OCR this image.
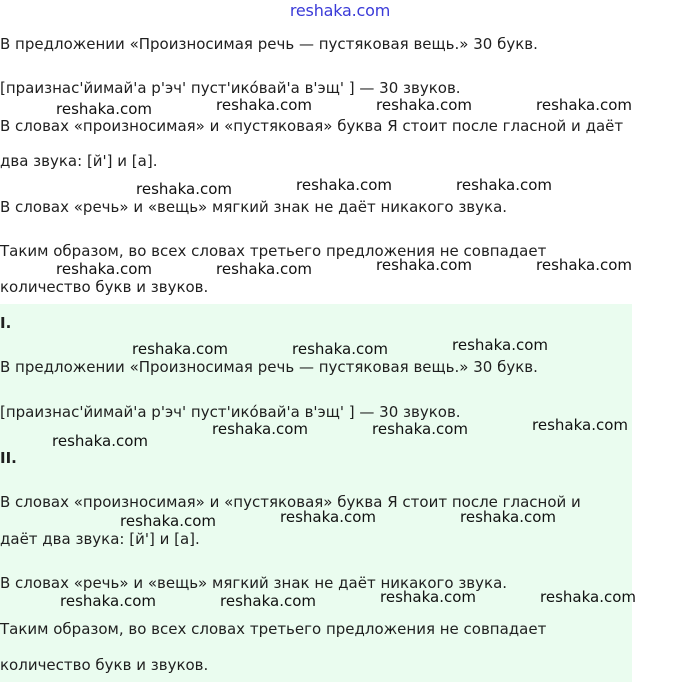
reshaka.com
В предложении «Произносимая речь — пустяковая вещь.» 30 букв.
[праизнас'йимай'а р'эч' пуст'ико́вай'а в'эщ' ] — 30 звуков.
В словах «произносимая» и «пустяковая» буква Я стоит после гласной и даёт
два звука: [й'] и [а].
В словах «речь» и «вещь» мягкий знак не даёт никакого звука.
Таким образом, во всех словах третьего предложения не совпадает
количество букв и звуков.
I.
В предложении «Произносимая речь — пустяковая вещь.» 30 букв.
[праизнас'йимай'а р'эч' пуст'ико́вай'а в'эщ' ] — 30 звуков.
II.
В словах «произносимая» и «пустяковая» буква Я стоит после гласной и
даёт два звука: [й'] и [а].
В словах «речь» и «вещь» мягкий знак не даёт никакого звука.
Таким образом, во всех словах третьего предложения не совпадает
количество букв и звуков.
reshaka.com	reshaka.com	reshaka.com	reshaka.com
reshaka.com	reshaka.com	reshaka.com
reshaka.com	reshaka.com	reshaka.com	reshaka.com
reshaka.com	reshaka.com	reshaka.com
reshaka.com
reshaka.com	reshaka.com	reshaka.com
reshaka.com	reshaka.com	reshaka.com
reshaka.com	reshaka.com	reshaka.com	reshaka.com
